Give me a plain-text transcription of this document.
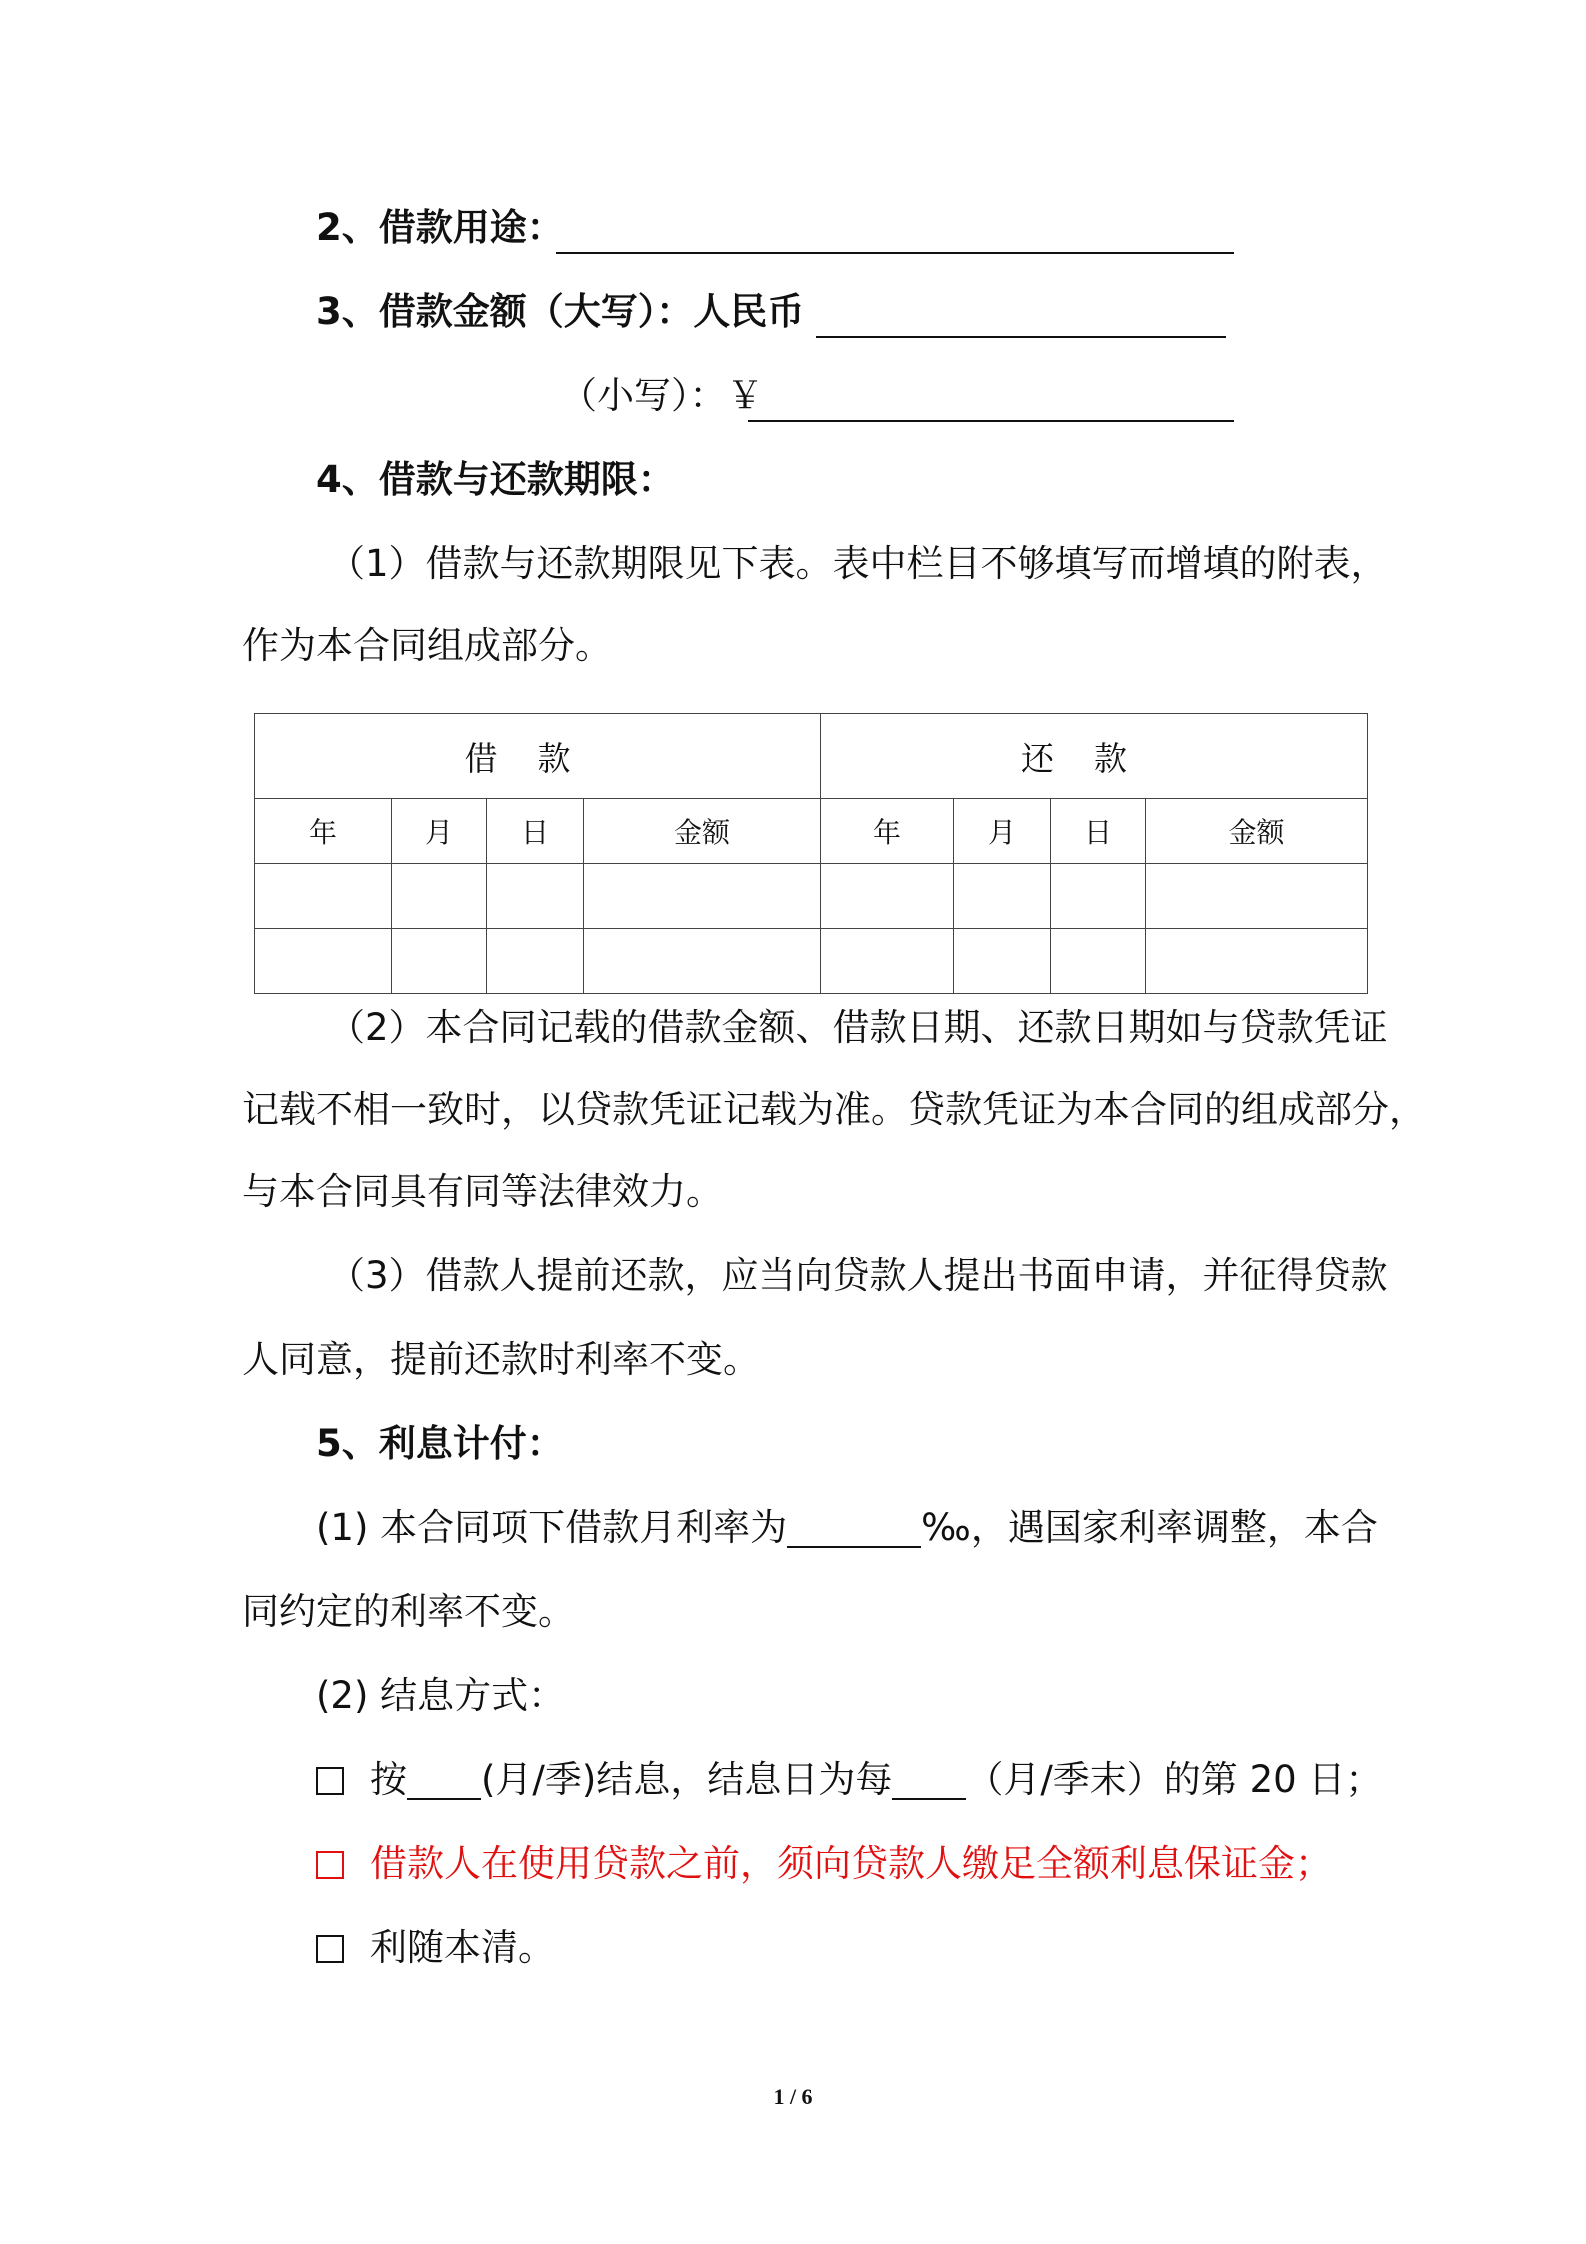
2、借款用途：
3、借款金额（大写）：人民币
（小写）：￥
4、借款与还款期限：
（1）借款与还款期限见下表。表中栏目不够填写而增填的附表，
作为本合同组成部分。
借款				还款			
年	月	日	金额	年	月	日	金额

（2）本合同记载的借款金额、借款日期、还款日期如与贷款凭证
记载不相一致时，以贷款凭证记载为准。贷款凭证为本合同的组成部分，
与本合同具有同等法律效力。
（3）借款人提前还款，应当向贷款人提出书面申请，并征得贷款
人同意，提前还款时利率不变。
5、利息计付：
(1) 本合同项下借款月利率为	‰，遇国家利率调整，本合
同约定的利率不变。
(2) 结息方式：
按 (月/季)结息，结息日为每 （月/季末）的第 20 日；
借款人在使用贷款之前，须向贷款人缴足全额利息保证金；
利随本清。
1 / 6
